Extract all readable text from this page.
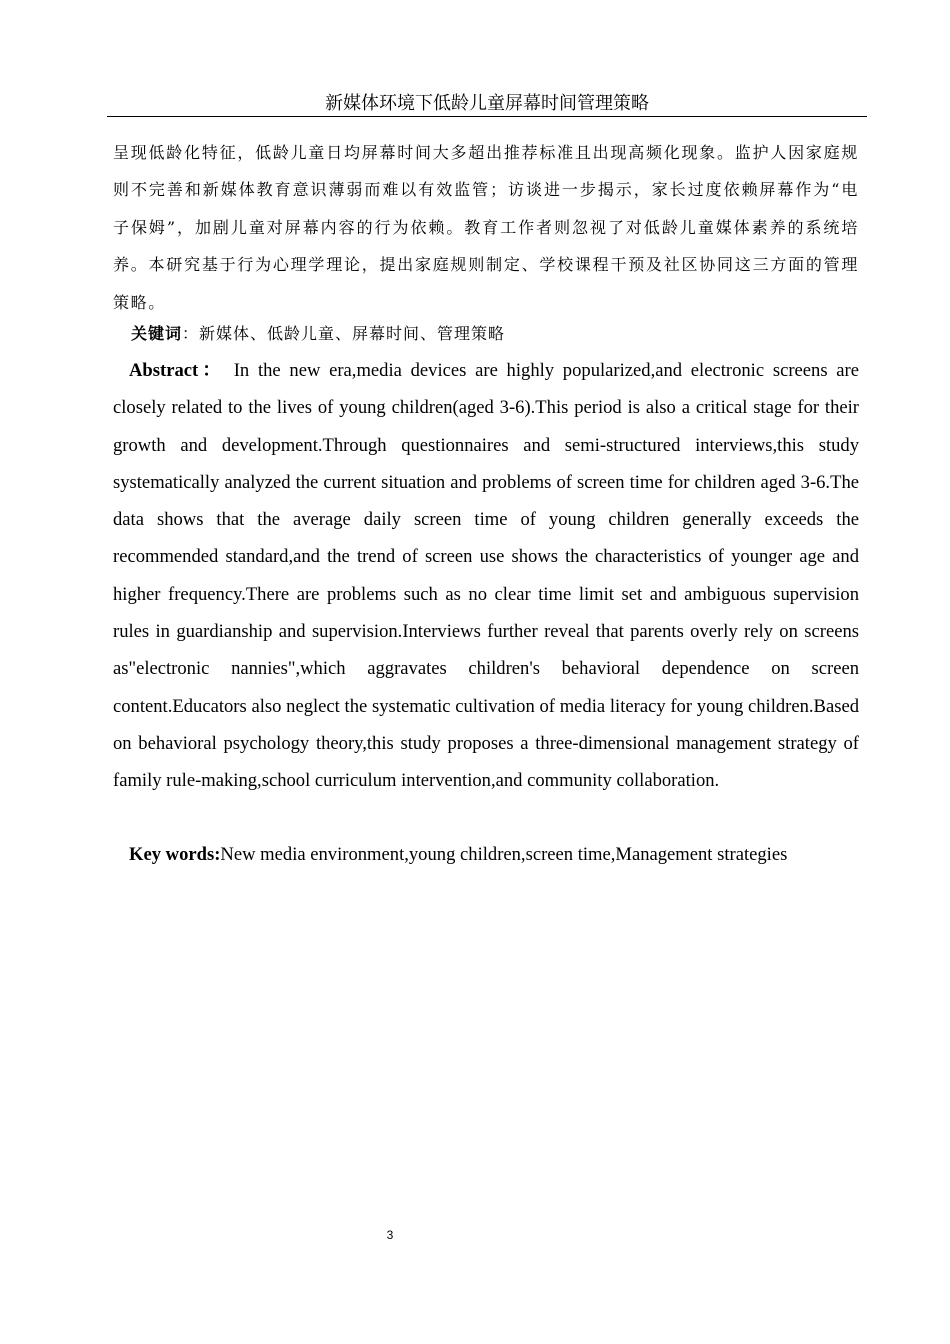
新媒体环境下低龄儿童屏幕时间管理策略
呈现低龄化特征，低龄儿童日均屏幕时间大多超出推荐标准且出现高频化现象。监护人因家庭规则不完善和新媒体教育意识薄弱而难以有效监管；访谈进一步揭示，家长过度依赖屏幕作为“电子保姆”，加剧儿童对屏幕内容的行为依赖。教育工作者则忽视了对低龄儿童媒体素养的系统培养。本研究基于行为心理学理论，提出家庭规则制定、学校课程干预及社区协同这三方面的管理策略。
关键词：新媒体、低龄儿童、屏幕时间、管理策略
Abstract： In the new era,media devices are highly popularized,and electronic screens are closely related to the lives of young children(aged 3-6).This period is also a critical stage for their growth and development.Through questionnaires and semi-structured interviews,this study systematically analyzed the current situation and problems of screen time for children aged 3-6.The data shows that the average daily screen time of young children generally exceeds the recommended standard,and the trend of screen use shows the characteristics of younger age and higher frequency.There are problems such as no clear time limit set and ambiguous supervision rules in guardianship and supervision.Interviews further reveal that parents overly rely on screens as"electronic nannies",which aggravates children's behavioral dependence on screen content.Educators also neglect the systematic cultivation of media literacy for young children.Based on behavioral psychology theory,this study proposes a three-dimensional management strategy of family rule-making,school curriculum intervention,and community collaboration.
Key words:New media environment,young children,screen time,Management strategies
3
